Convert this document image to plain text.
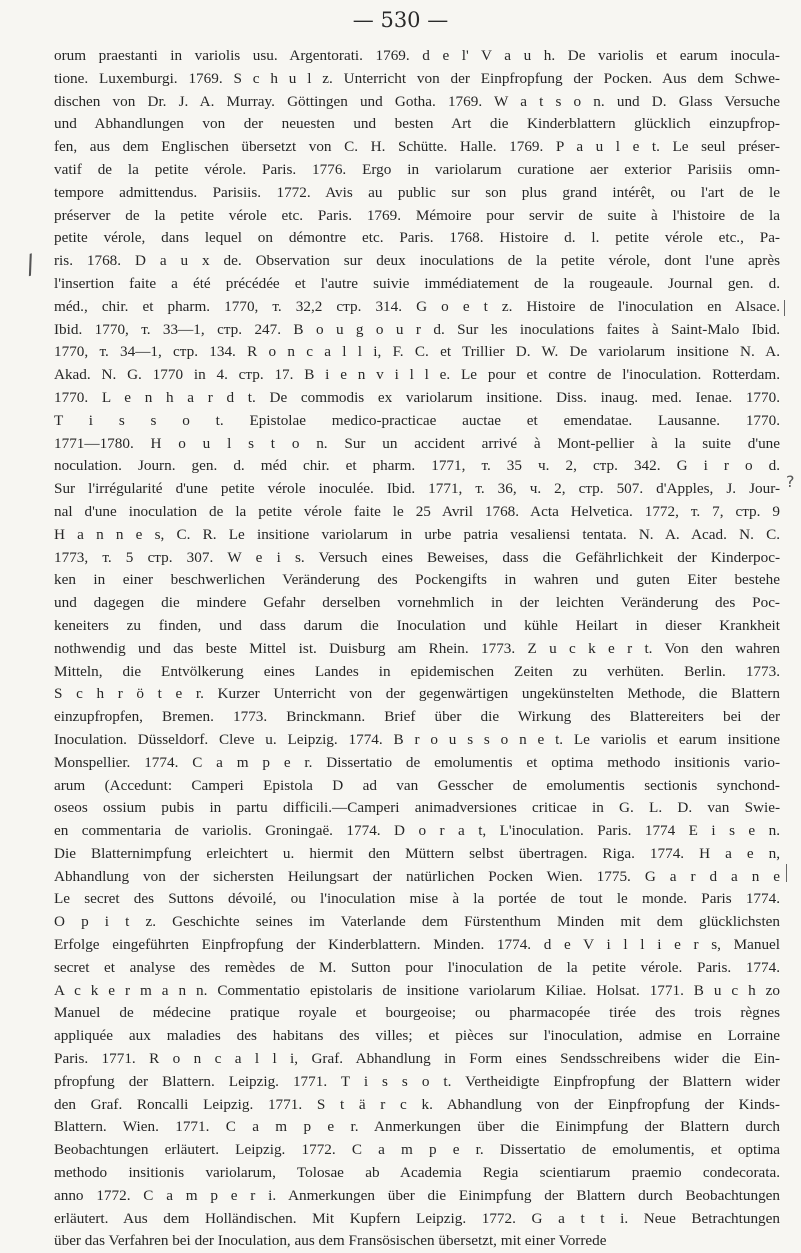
— 530 —
/
?
orum praestanti in variolis usu. Argentorati. 1769. d e l' V a u h. De variolis et earum inocula-
tione. Luxemburgi. 1769. S c h u l z. Unterricht von der Einpfropfung der Pocken. Aus dem Schwe-
dischen von Dr. J. A. Murray. Göttingen und Gotha. 1769. W a t s o n. und D. Glass Versuche
und Abhandlungen von der neuesten und besten Art die Kinderblattern glücklich einzupfrop-
fen, aus dem Englischen übersetzt von C. H. Schütte. Halle. 1769. P a u l e t. Le seul préser-
vatif de la petite vérole. Paris. 1776. Ergo in variolarum curatione aer exterior Parisiis omn-
tempore admittendus. Parisiis. 1772. Avis au public sur son plus grand intérêt, ou l'art de le
préserver de la petite vérole etc. Paris. 1769. Mémoire pour servir de suite à l'histoire de la
petite vérole, dans lequel on démontre etc. Paris. 1768. Histoire d. l. petite vérole etc., Pa-
ris. 1768. D a u x de. Observation sur deux inoculations de la petite vérole, dont l'une après
l'insertion faite a été précédée et l'autre suivie immédiatement de la rougeaule. Journal gen. d.
méd., chir. et pharm. 1770, т. 32,2 стр. 314. G o e t z. Histoire de l'inoculation en Alsace.
Ibid. 1770, т. 33—1, стр. 247. B o u g o u r d. Sur les inoculations faites à Saint-Malo Ibid.
1770, т. 34—1, стр. 134. R o n c a l l i, F. C. et Trillier D. W. De variolarum insitione N. A.
Akad. N. G. 1770 in 4. стр. 17. B i e n v i l l e. Le pour et contre de l'inoculation. Rotterdam.
1770. L e n h a r d t. De commodis ex variolarum insitione. Diss. inaug. med. Ienae. 1770.
T i s s o t. Epistolae medico-practicae auctae et emendatae. Lausanne. 1770.
1771—1780. H o u l s t o n. Sur un accident arrivé à Mont-pellier à la suite d'une
noculation. Journ. gen. d. méd chir. et pharm. 1771, т. 35 ч. 2, стр. 342. G i r o d.
Sur l'irrégularité d'une petite vérole inoculée. Ibid. 1771, т. 36, ч. 2, стр. 507. d'Apples, J. Jour-
nal d'une inoculation de la petite vérole faite le 25 Avril 1768. Acta Helvetica. 1772, т. 7, стр. 9
H a n n e s, C. R. Le insitione variolarum in urbe patria vesaliensi tentata. N. A. Acad. N. C.
1773, т. 5 стр. 307. W e i s. Versuch eines Beweises, dass die Gefährlichkeit der Kinderpoc-
ken in einer beschwerlichen Veränderung des Pockengifts in wahren und guten Eiter bestehe
und dagegen die mindere Gefahr derselben vornehmlich in der leichten Veränderung des Poc-
keneiters zu finden, und dass darum die Inoculation und kühle Heilart in dieser Krankheit
nothwendig und das beste Mittel ist. Duisburg am Rhein. 1773. Z u c k e r t. Von den wahren
Mitteln, die Entvölkerung eines Landes in epidemischen Zeiten zu verhüten. Berlin. 1773.
S c h r ö t e r. Kurzer Unterricht von der gegenwärtigen ungekünstelten Methode, die Blattern
einzupfropfen, Bremen. 1773. Brinckmann. Brief über die Wirkung des Blattereiters bei der
Inoculation. Düsseldorf. Cleve u. Leipzig. 1774. B r o u s s o n e t. Le variolis et earum insitione
Monspellier. 1774. C a m p e r. Dissertatio de emolumentis et optima methodo insitionis vario-
arum (Accedunt: Camperi Epistola D ad van Gesscher de emolumentis sectionis synchond-
oseos ossium pubis in partu difficili.—Camperi animadversiones criticae in G. L. D. van Swie-
en commentaria de variolis. Groningaë. 1774. D o r a t, L'inoculation. Paris. 1774 E i s e n.
Die Blatternimpfung erleichtert u. hiermit den Müttern selbst übertragen. Riga. 1774. H a e n,
Abhandlung von der sichersten Heilungsart der natürlichen Pocken Wien. 1775. G a r d a n e
Le secret des Suttons dévoilé, ou l'inoculation mise à la portée de tout le monde. Paris 1774.
O p i t z. Geschichte seines im Vaterlande dem Fürstenthum Minden mit dem glücklichsten
Erfolge eingeführten Einpfropfung der Kinderblattern. Minden. 1774. d e V i l l i e r s, Manuel
secret et analyse des remèdes de M. Sutton pour l'inoculation de la petite vérole. Paris. 1774.
A c k e r m a n n. Commentatio epistolaris de insitione variolarum Kiliae. Holsat. 1771. B u c h zo
Manuel de médecine pratique royale et bourgeoise; ou pharmacopée tirée des trois règnes
appliquée aux maladies des habitans des villes; et pièces sur l'inoculation, admise en Lorraine
Paris. 1771. R o n c a l l i, Graf. Abhandlung in Form eines Sendsschreibens wider die Ein-
pfropfung der Blattern. Leipzig. 1771. T i s s o t. Vertheidigte Einpfropfung der Blattern wider
den Graf. Roncalli Leipzig. 1771. S t ä r c k. Abhandlung von der Einpfropfung der Kinds-
Blattern. Wien. 1771. C a m p e r. Anmerkungen über die Einimpfung der Blattern durch
Beobachtungen erläutert. Leipzig. 1772. C a m p e r. Dissertatio de emolumentis, et optima
methodo insitionis variolarum, Tolosae ab Academia Regia scientiarum praemio condecorata.
anno 1772. C a m p e r i. Anmerkungen über die Einimpfung der Blattern durch Beobachtungen
erläutert. Aus dem Holländischen. Mit Kupfern Leipzig. 1772. G a t t i. Neue Betrachtungen
über das Verfahren bei der Inoculation, aus dem Fransösischen übersetzt, mit einer Vorrede
